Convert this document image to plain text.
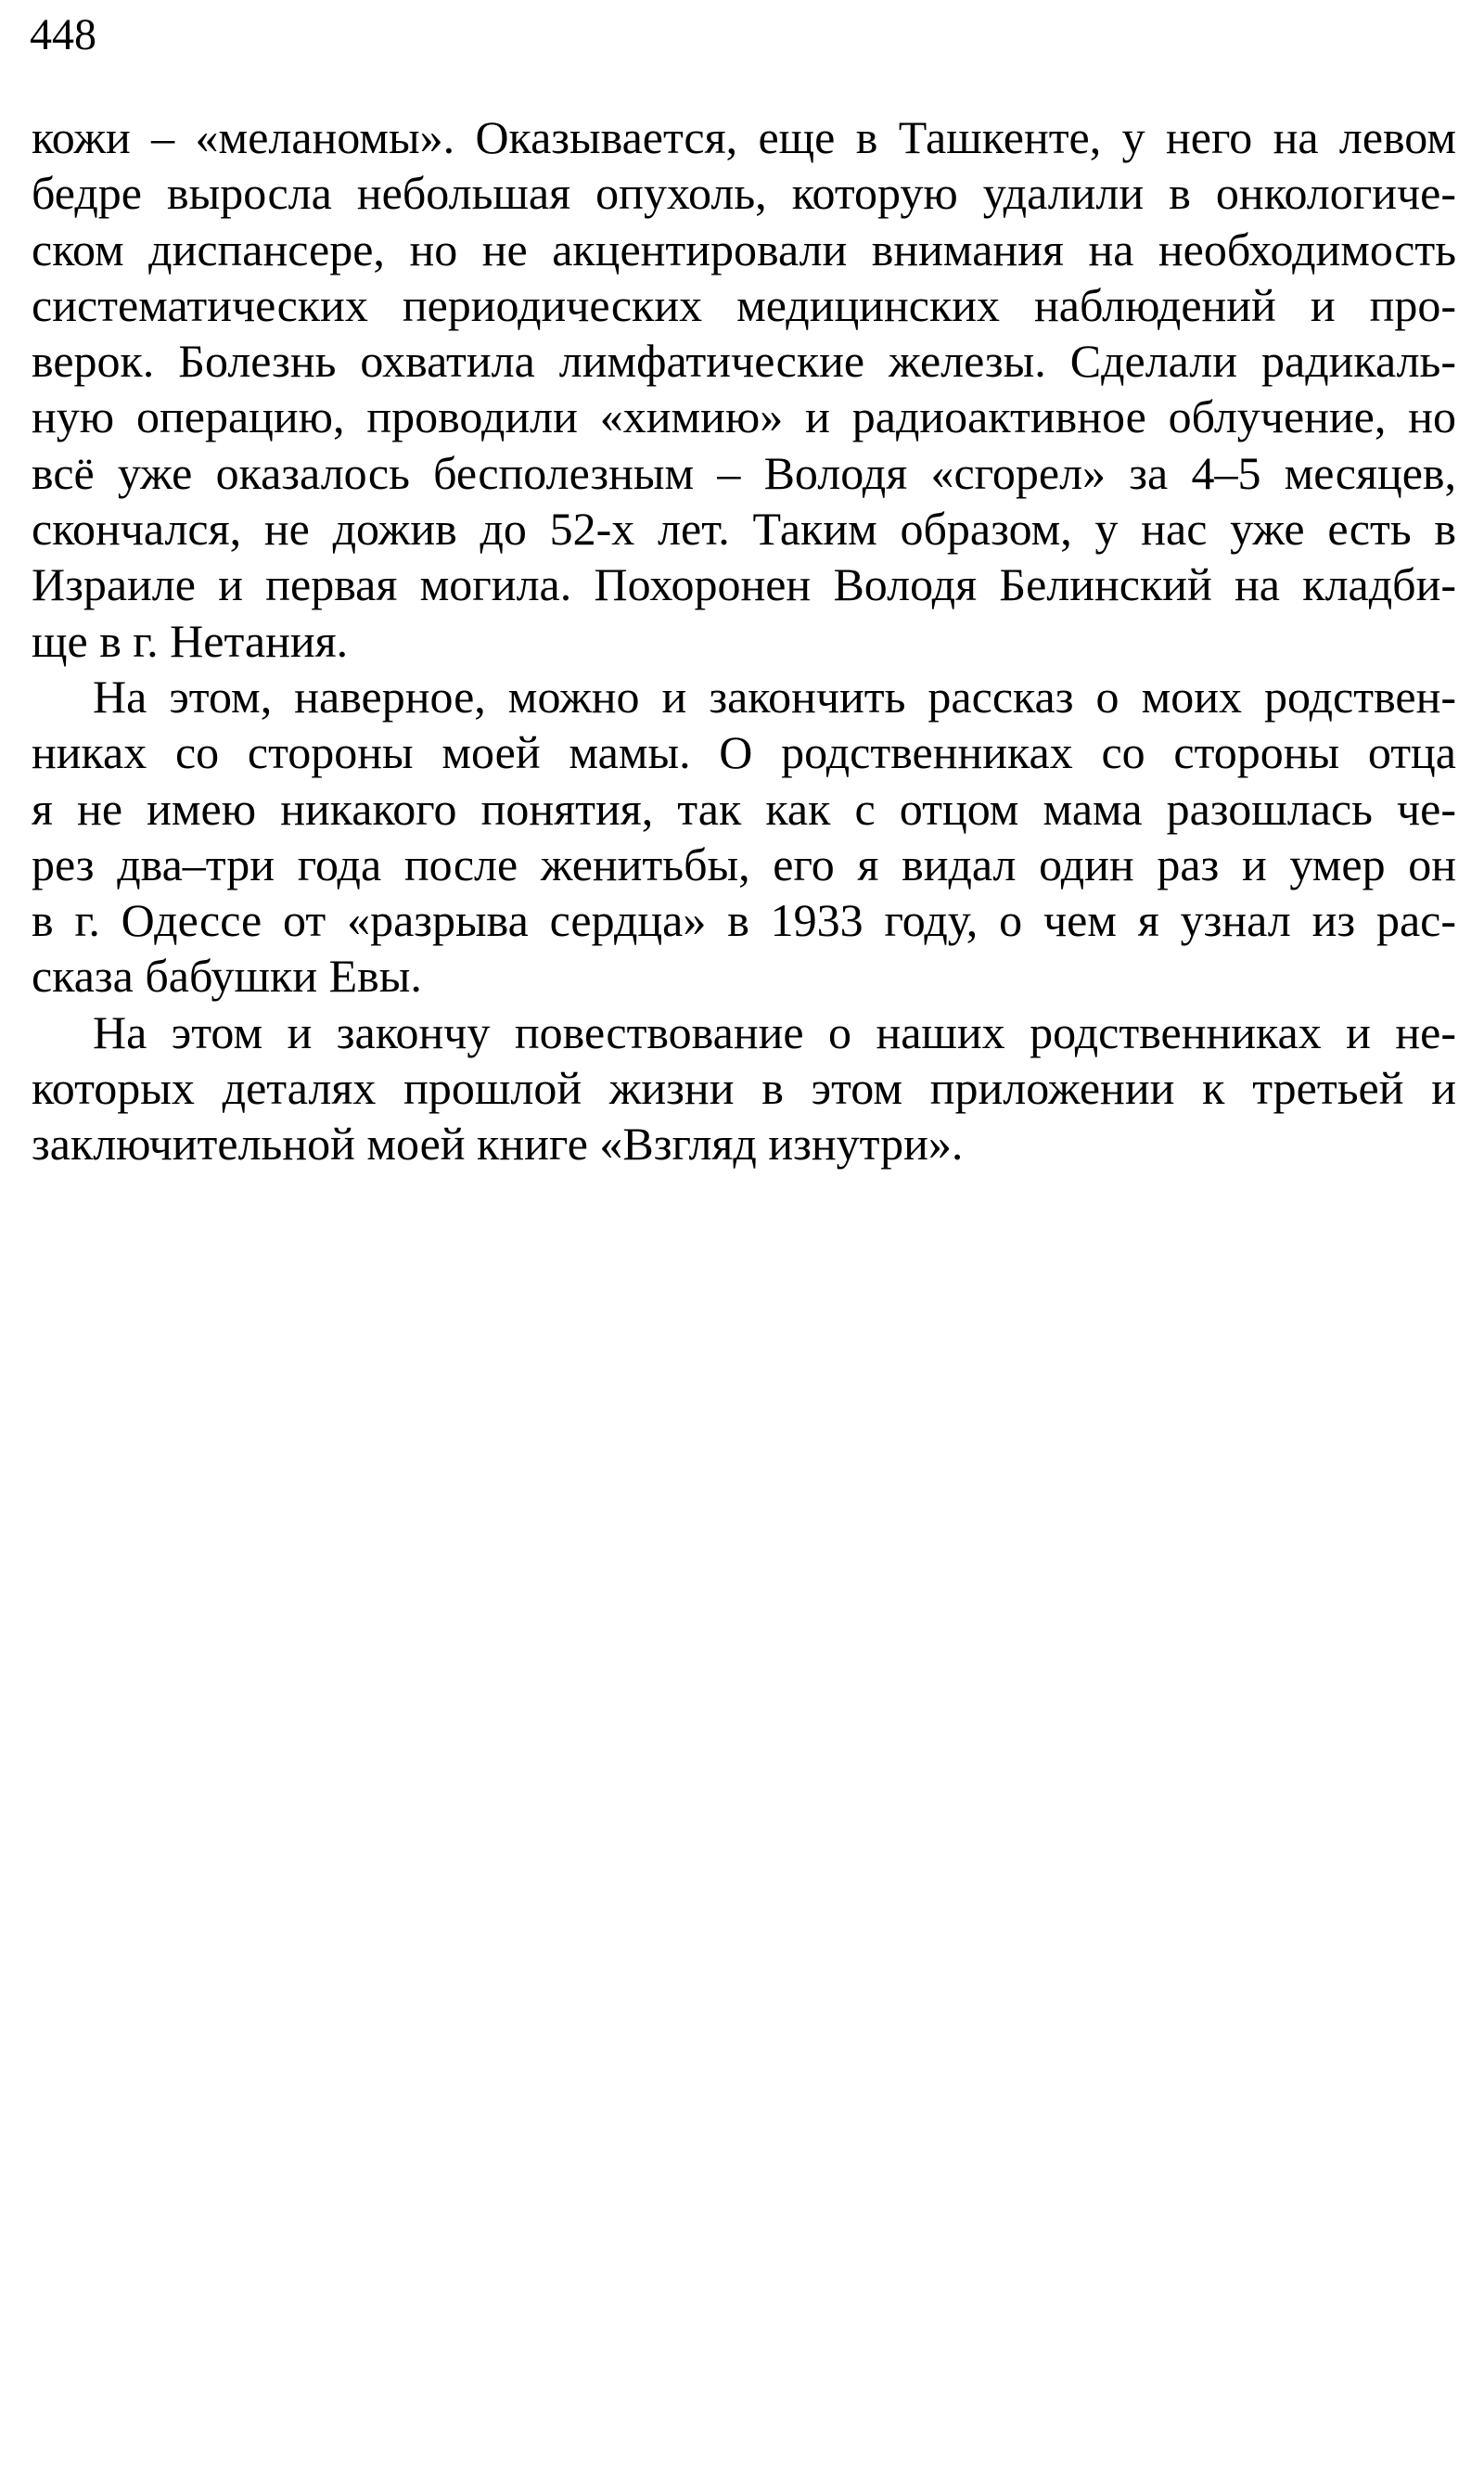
448
кожи – «меланомы». Оказывается, еще в Ташкенте, у него на левом
бедре выросла небольшая опухоль, которую удалили в онкологиче-
ском диспансере, но не акцентировали внимания на необходимость
систематических периодических медицинских наблюдений и про-
верок. Болезнь охватила лимфатические железы. Сделали радикаль-
ную операцию, проводили «химию» и радиоактивное облучение, но
всё уже оказалось бесполезным – Володя «сгорел» за 4–5 месяцев,
скончался, не дожив до 52-х лет. Таким образом, у нас уже есть в
Израиле и первая могила. Похоронен Володя Белинский на кладби-
ще в г. Нетания.
На этом, наверное, можно и закончить рассказ о моих родствен-
никах со стороны моей мамы. О родственниках со стороны отца
я не имею никакого понятия, так как с отцом мама разошлась че-
рез два–три года после женитьбы, его я видал один раз и умер он
в г. Одессе от «разрыва сердца» в 1933 году, о чем я узнал из рас-
сказа бабушки Евы.
На этом и закончу повествование о наших родственниках и не-
которых деталях прошлой жизни в этом приложении к третьей и
заключительной моей книге «Взгляд изнутри».
